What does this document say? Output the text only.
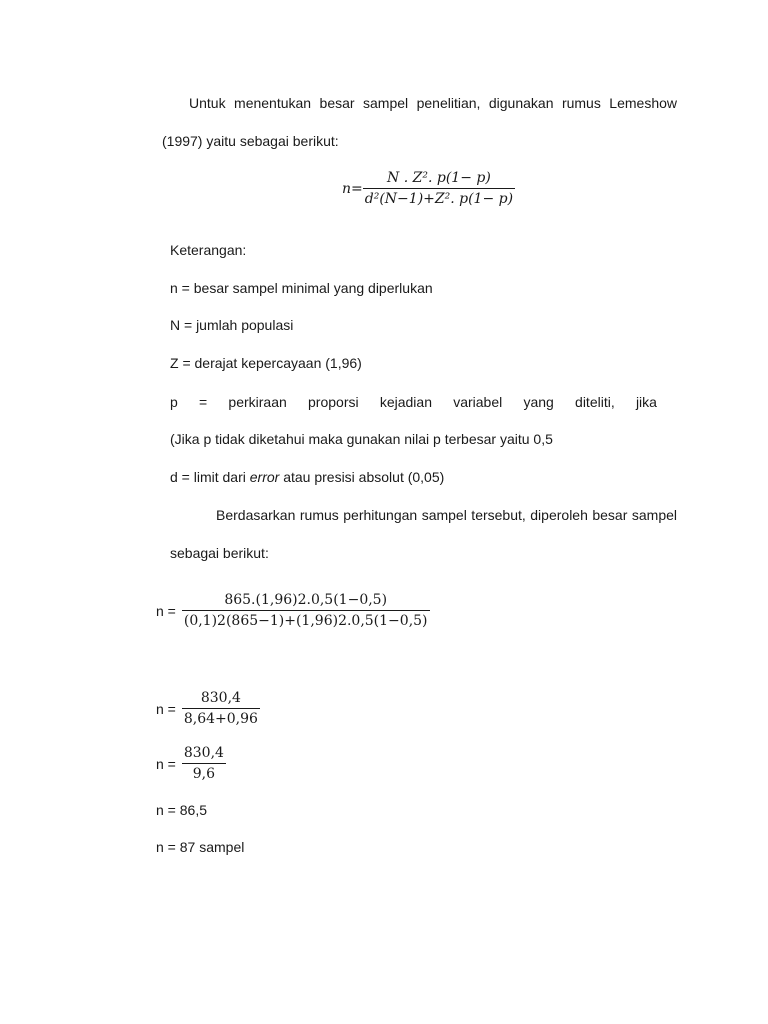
Untuk menentukan besar sampel penelitian, digunakan rumus Lemeshow
(1997) yaitu sebagai berikut:
$n= \frac{\text{N . Z². p(1− p)}}{\text{d²(N−1)+Z². p(1− p)}}$
Keterangan:
n = besar sampel minimal yang diperlukan
N = jumlah populasi
Z = derajat kepercayaan (1,96)
p = perkiraan proporsi kejadian variabel yang diteliti, jika
(Jika p tidak diketahui maka gunakan nilai p terbesar yaitu 0,5
d = limit dari error atau presisi absolut (0,05)
Berdasarkan rumus perhitungan sampel tersebut, diperoleh besar sampel
sebagai berikut:
$n = \frac{865.(1,96)2.0,5(1-0,5)}{(0,1)2(865-1)+(1,96)2.0,5(1-0,5)}$
$n = \frac{830,4}{8,64+0,96}$
$n = \frac{830,4}{9,6}$
n = 86,5
n = 87 sampel
